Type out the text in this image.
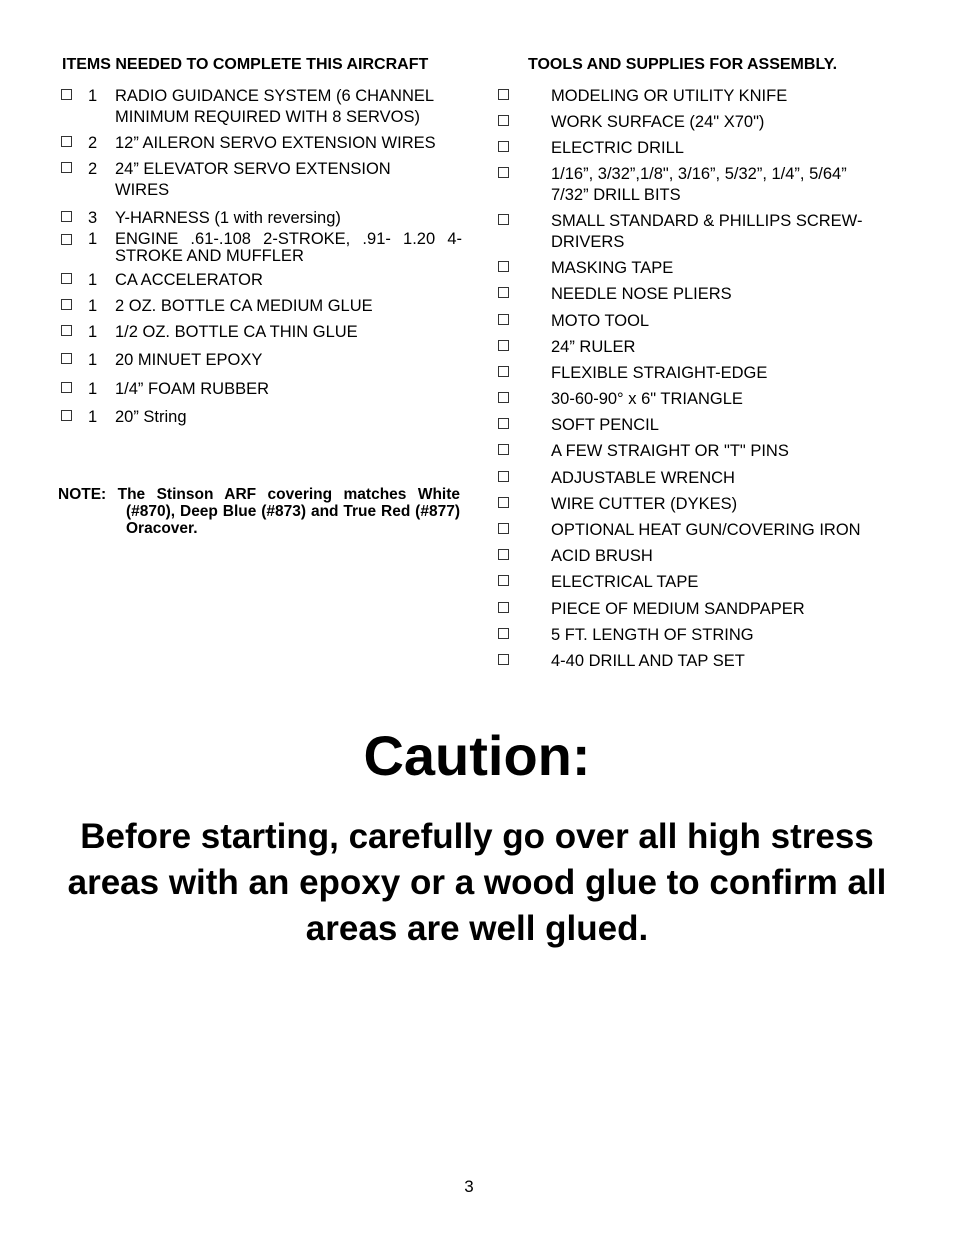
ITEMS NEEDED TO COMPLETE THIS AIRCRAFT
1 RADIO GUIDANCE SYSTEM (6 CHANNEL MINIMUM REQUIRED WITH 8 SERVOS)
2 12” AILERON SERVO EXTENSION WIRES
2 24” ELEVATOR SERVO EXTENSION WIRES
3 Y-HARNESS (1 with reversing)
1 ENGINE .61-.108 2-STROKE, .91- 1.20 4-STROKE AND MUFFLER
1 CA ACCELERATOR
1 2 OZ. BOTTLE CA MEDIUM GLUE
1 1/2 OZ. BOTTLE CA THIN GLUE
1 20 MINUET EPOXY
1 1/4” FOAM RUBBER
1 20” String
TOOLS AND SUPPLIES FOR ASSEMBLY.
MODELING OR UTILITY KNIFE
WORK SURFACE (24" X70")
ELECTRIC DRILL
1/16”, 3/32”,1/8", 3/16”, 5/32”, 1/4”, 5/64” 7/32” DRILL BITS
SMALL STANDARD & PHILLIPS SCREW-DRIVERS
MASKING TAPE
NEEDLE NOSE PLIERS
MOTO TOOL
24” RULER
FLEXIBLE STRAIGHT-EDGE
30-60-90° x 6" TRIANGLE
SOFT PENCIL
A FEW STRAIGHT OR "T" PINS
ADJUSTABLE WRENCH
WIRE CUTTER (DYKES)
OPTIONAL HEAT GUN/COVERING IRON
ACID BRUSH
ELECTRICAL TAPE
PIECE OF MEDIUM SANDPAPER
5 FT. LENGTH OF STRING
4-40 DRILL AND TAP SET
NOTE: The Stinson ARF covering matches White (#870), Deep Blue (#873) and True Red (#877) Oracover.
Caution:
Before starting, carefully go over all high stress areas with an epoxy or a wood glue to confirm all areas are well glued.
3
